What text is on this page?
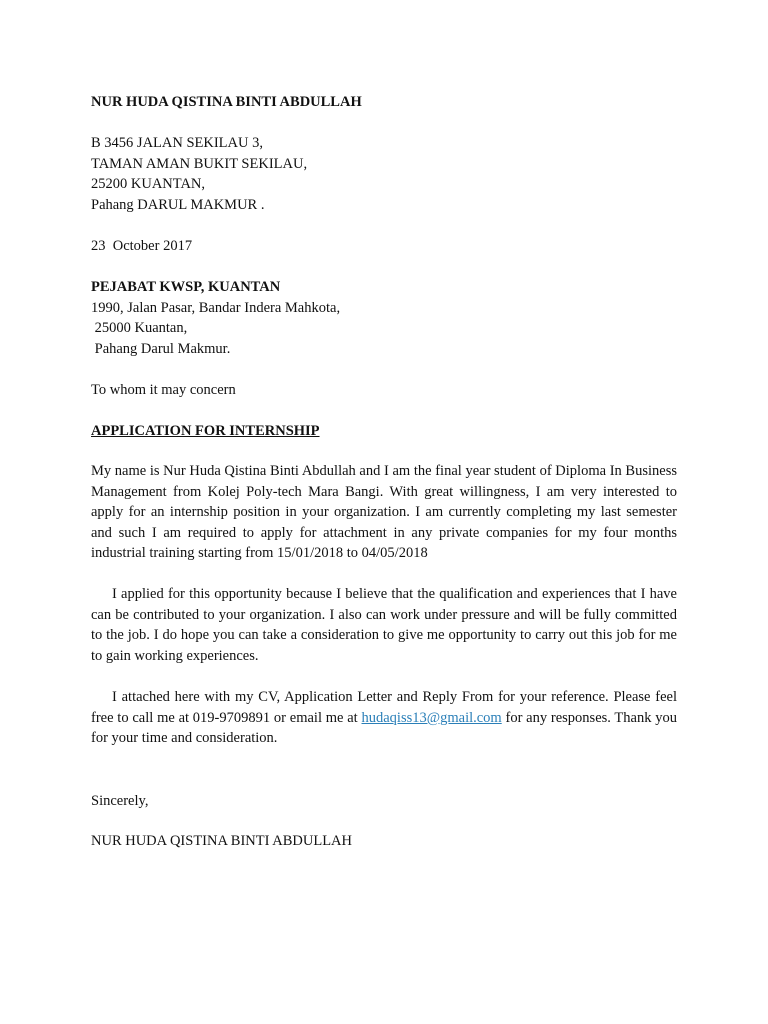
NUR HUDA QISTINA BINTI ABDULLAH
B 3456 JALAN SEKILAU 3,
TAMAN AMAN BUKIT SEKILAU,
25200 KUANTAN,
Pahang DARUL MAKMUR .
23  October 2017
PEJABAT KWSP, KUANTAN
1990, Jalan Pasar, Bandar Indera Mahkota,
25000 Kuantan,
Pahang Darul Makmur.
To whom it may concern
APPLICATION FOR INTERNSHIP
My name is Nur Huda Qistina Binti Abdullah and I am the final year student of Diploma In Business Management from Kolej Poly-tech Mara Bangi. With great willingness, I am very interested to apply for an internship position in your organization. I am currently completing my last semester and such I am required to apply for attachment in any private companies for my four months industrial training starting from 15/01/2018 to 04/05/2018
I applied for this opportunity because I believe that the qualification and experiences that I have can be contributed to your organization. I also can work under pressure and will be fully committed to the job. I do hope you can take a consideration to give me opportunity to carry out this job for me to gain working experiences.
I attached here with my CV, Application Letter and Reply From for your reference. Please feel free to call me at 019-9709891 or email me at hudaqiss13@gmail.com for any responses. Thank you for your time and consideration.
Sincerely,
NUR HUDA QISTINA BINTI ABDULLAH
